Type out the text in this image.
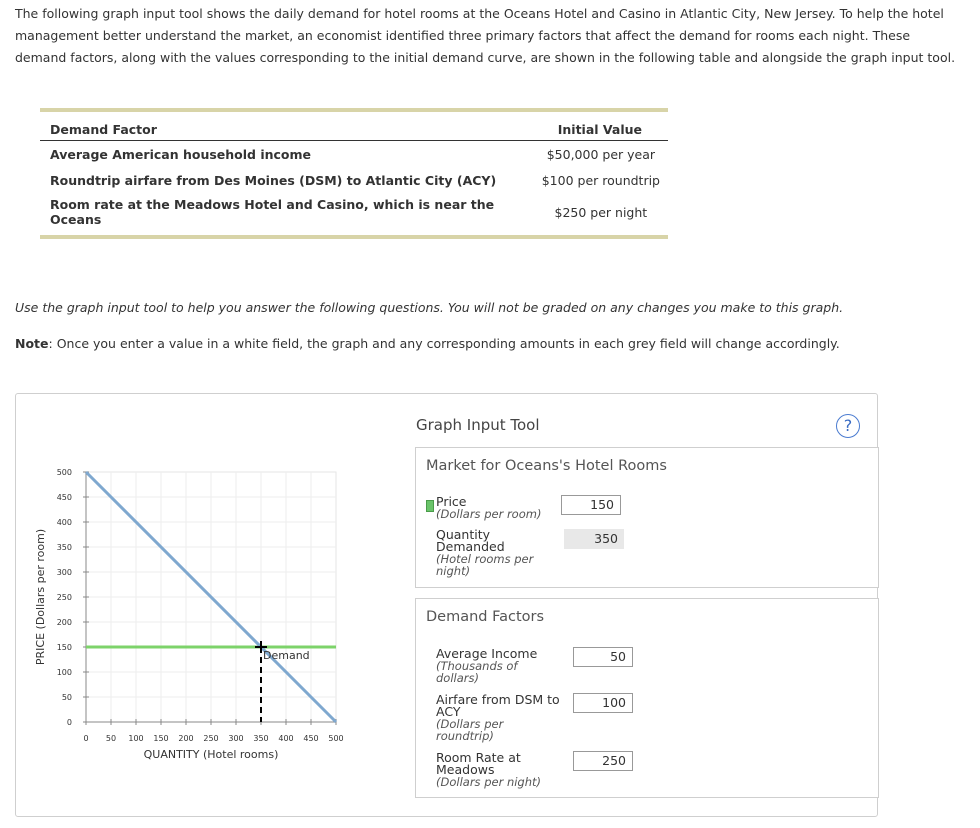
The following graph input tool shows the daily demand for hotel rooms at the Oceans Hotel and Casino in Atlantic City, New Jersey. To help the hotel management better understand the market, an economist identified three primary factors that affect the demand for rooms each night. These demand factors, along with the values corresponding to the initial demand curve, are shown in the following table and alongside the graph input tool.
Demand Factor	Initial Value
Average American household income	$50,000 per year
Roundtrip airfare from Des Moines (DSM) to Atlantic City (ACY)	$100 per roundtrip
Room rate at the Meadows Hotel and Casino, which is near the Oceans	$250 per night
Use the graph input tool to help you answer the following questions. You will not be graded on any changes you make to this graph.
Note: Once you enter a value in a white field, the graph and any corresponding amounts in each grey field will change accordingly.
0
50
100
150
200
250
300
350
400
450
500
0 50 100 150 200 250 300 350 400 450 500
Demand
QUANTITY (Hotel rooms)
PRICE (Dollars per room)
Graph Input Tool	?
Market for Oceans's Hotel Rooms
Price
(Dollars per room)
150
Quantity Demanded
(Hotel rooms per night)
350
Demand Factors
Average Income
(Thousands of dollars)
50
Airfare from DSM to ACY
(Dollars per roundtrip)
100
Room Rate at Meadows
(Dollars per night)
250
